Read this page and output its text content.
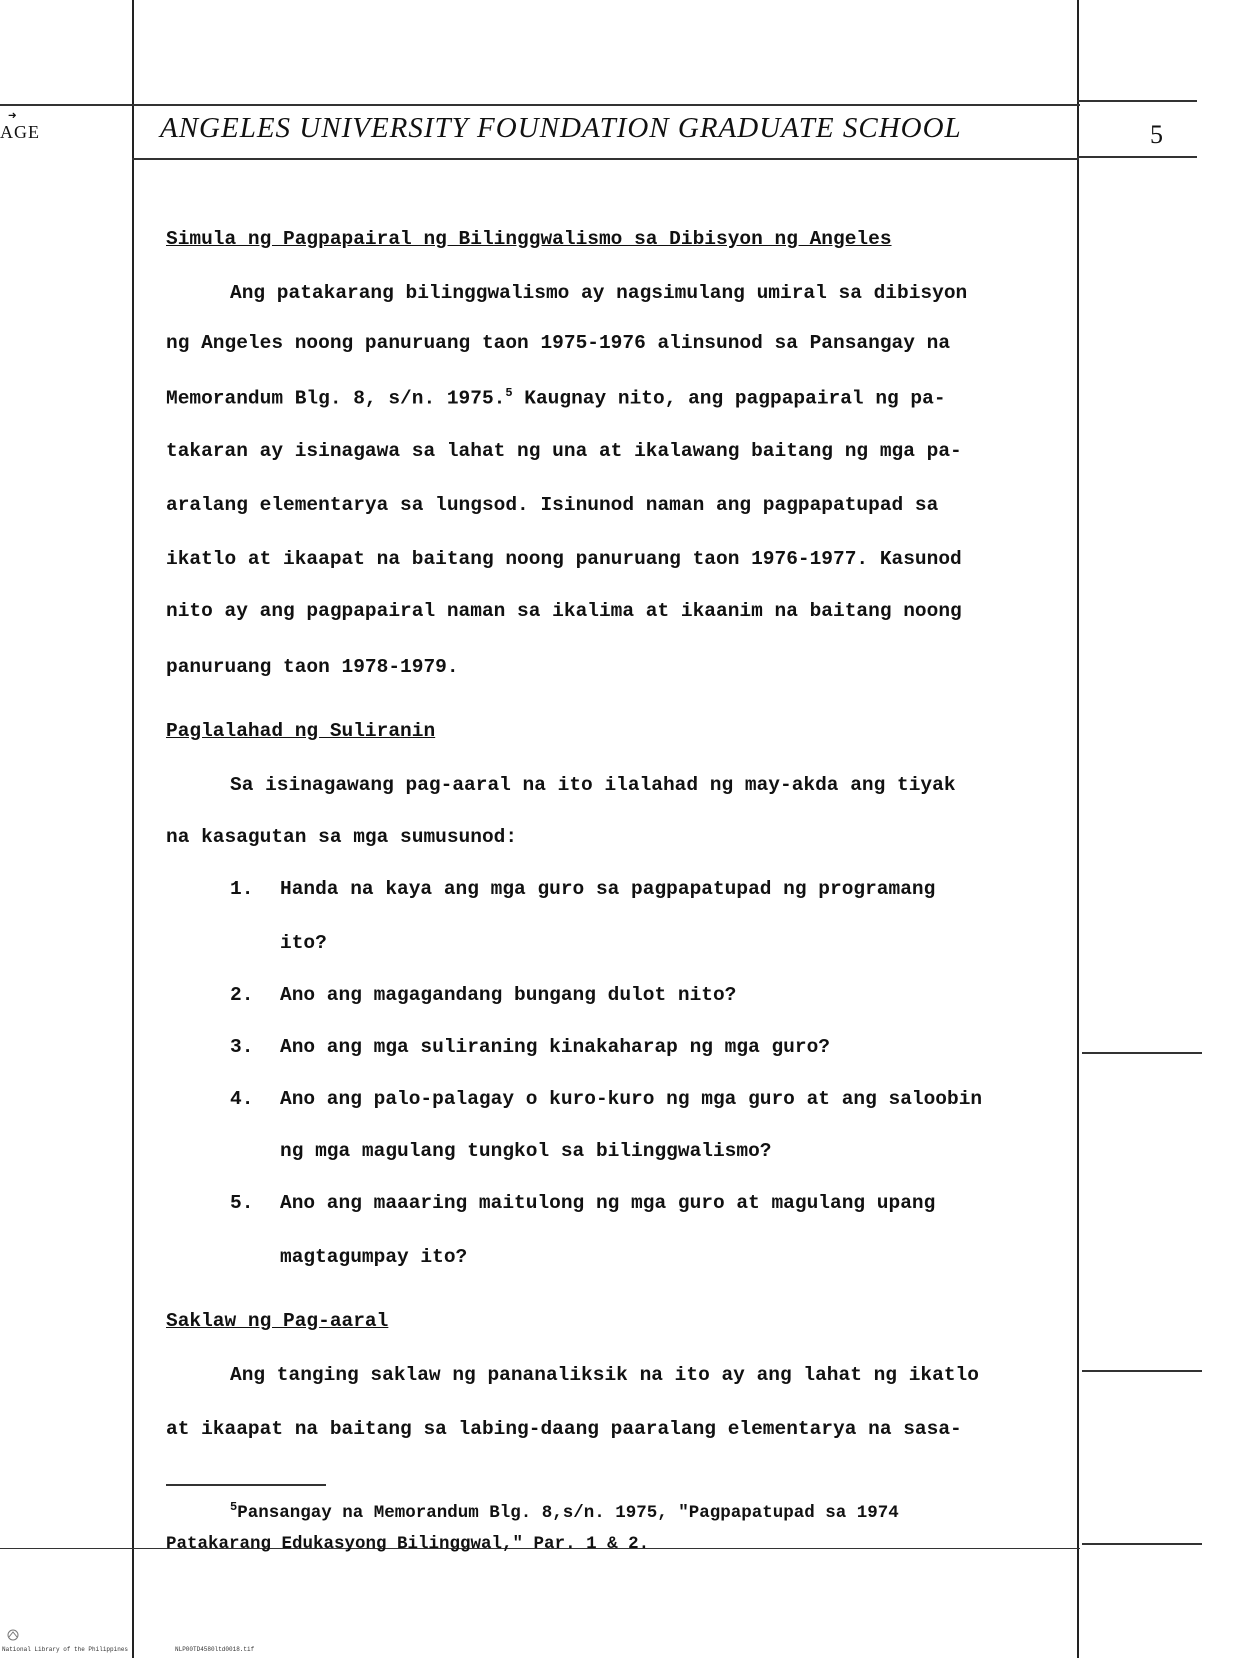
➜
AGE	ANGELES UNIVERSITY FOUNDATION GRADUATE SCHOOL	5
Simula ng Pagpapairal ng Bilinggwalismo sa Dibisyon ng Angeles
Ang patakarang bilinggwalismo ay nagsimulang umiral sa dibisyon
ng Angeles noong panuruang taon 1975-1976 alinsunod sa Pansangay na
Memorandum Blg. 8, s/n. 1975.$^5$ Kaugnay nito, ang pagpapairal ng pa-
takaran ay isinagawa sa lahat ng una at ikalawang baitang ng mga pa-
aralang elementarya sa lungsod. Isinunod naman ang pagpapatupad sa
ikatlo at ikaapat na baitang noong panuruang taon 1976-1977. Kasunod
nito ay ang pagpapairal naman sa ikalima at ikaanim na baitang noong
panuruang taon 1978-1979.
Paglalahad ng Suliranin
Sa isinagawang pag-aaral na ito ilalahad ng may-akda ang tiyak
na kasagutan sa mga sumusunod:
1. Handa na kaya ang mga guro sa pagpapatupad ng programang
ito?
2. Ano ang magagandang bungang dulot nito?
3. Ano ang mga suliraning kinakaharap ng mga guro?
4. Ano ang palo-palagay o kuro-kuro ng mga guro at ang saloobin
ng mga magulang tungkol sa bilinggwalismo?
5. Ano ang maaaring maitulong ng mga guro at magulang upang
magtagumpay ito?
Saklaw ng Pag-aaral
Ang tanging saklaw ng pananaliksik na ito ay ang lahat ng ikatlo
at ikaapat na baitang sa labing-daang paaralang elementarya na sasa-
$^5$Pansangay na Memorandum Blg. 8,s/n. 1975, "Pagpapatupad sa 1974
Patakarang Edukasyong Bilinggwal," Par. 1 & 2.
National Library of the Philippines	NLP00TD4580ltd0018.tif
